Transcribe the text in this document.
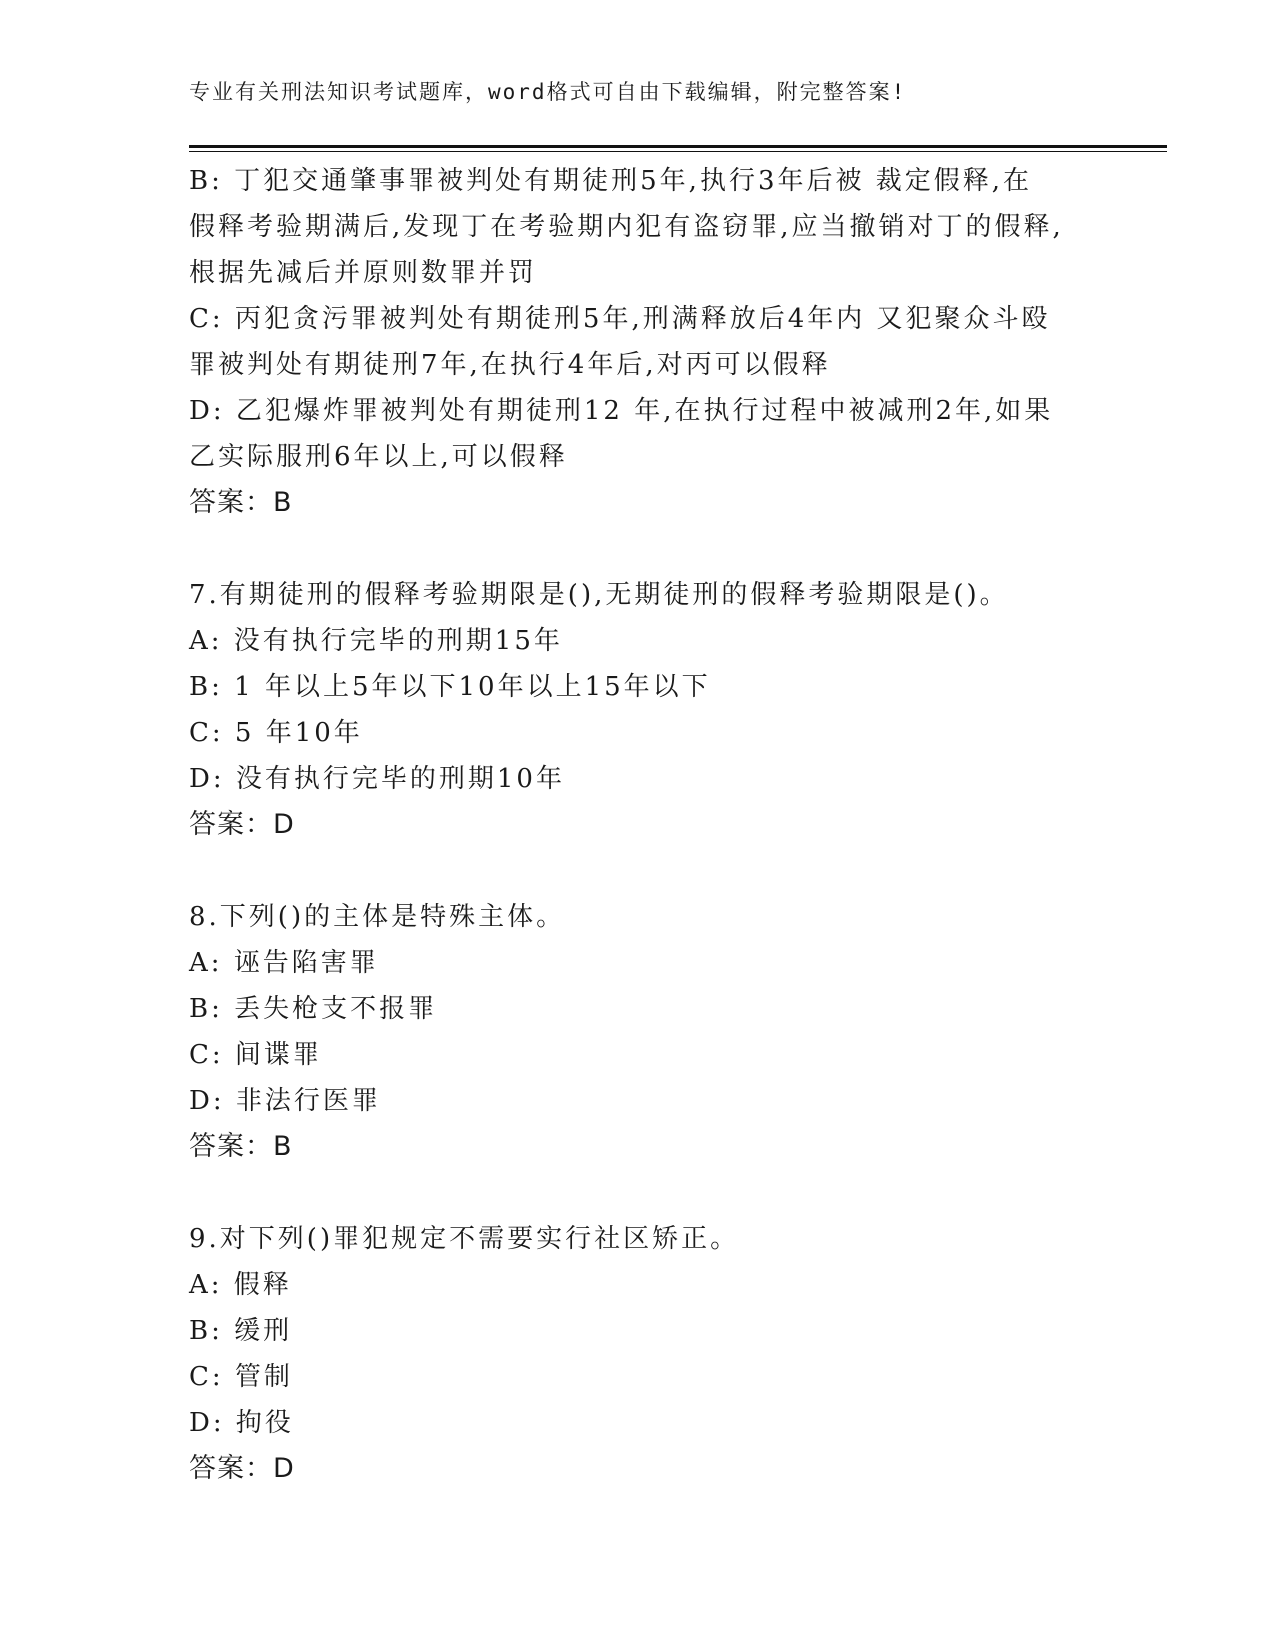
专业有关刑法知识考试题库，word格式可自由下载编辑，附完整答案!
B: 丁犯交通肇事罪被判处有期徒刑5年,执行3年后被 裁定假释,在
假释考验期满后,发现丁在考验期内犯有盗窃罪,应当撤销对丁的假释,
根据先减后并原则数罪并罚
C: 丙犯贪污罪被判处有期徒刑5年,刑满释放后4年内 又犯聚众斗殴
罪被判处有期徒刑7年,在执行4年后,对丙可以假释
D: 乙犯爆炸罪被判处有期徒刑12 年,在执行过程中被减刑2年,如果
乙实际服刑6年以上,可以假释
答案：B
7.有期徒刑的假释考验期限是(),无期徒刑的假释考验期限是()。
A: 没有执行完毕的刑期15年
B: 1 年以上5年以下10年以上15年以下
C: 5 年10年
D: 没有执行完毕的刑期10年
答案：D
8.下列()的主体是特殊主体。
A: 诬告陷害罪
B: 丢失枪支不报罪
C: 间谍罪
D: 非法行医罪
答案：B
9.对下列()罪犯规定不需要实行社区矫正。
A: 假释
B: 缓刑
C: 管制
D: 拘役
答案：D
